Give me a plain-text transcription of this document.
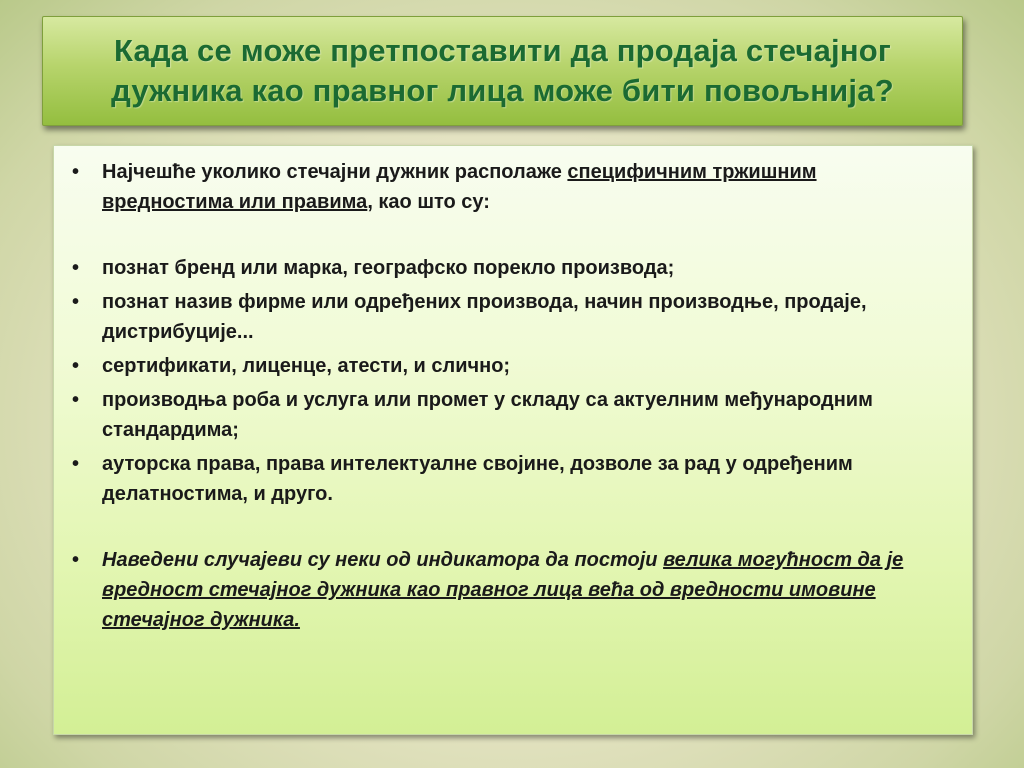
Када се може претпоставити да продаја стечајног дужника као правног лица може бити повољнија?
• Најчешће уколико стечајни дужник располаже специфичним тржишним вредностима или правима, као што су:
• познат бренд или марка, географско порекло производа;
• познат назив фирме или одређених производа, начин производње, продаје, дистрибуције...
• сертификати, лиценце, атести, и слично;
• производња роба и услуга или промет у складу са актуелним међународним стандардима;
• ауторска права, права интелектуалне својине, дозволе за рад у одређеним делатностима, и друго.
• Наведени случајеви су неки од индикатора да постоји велика могућност да је вредност стечајног дужника као правног лица већа од вредности имовине стечајног дужника.
